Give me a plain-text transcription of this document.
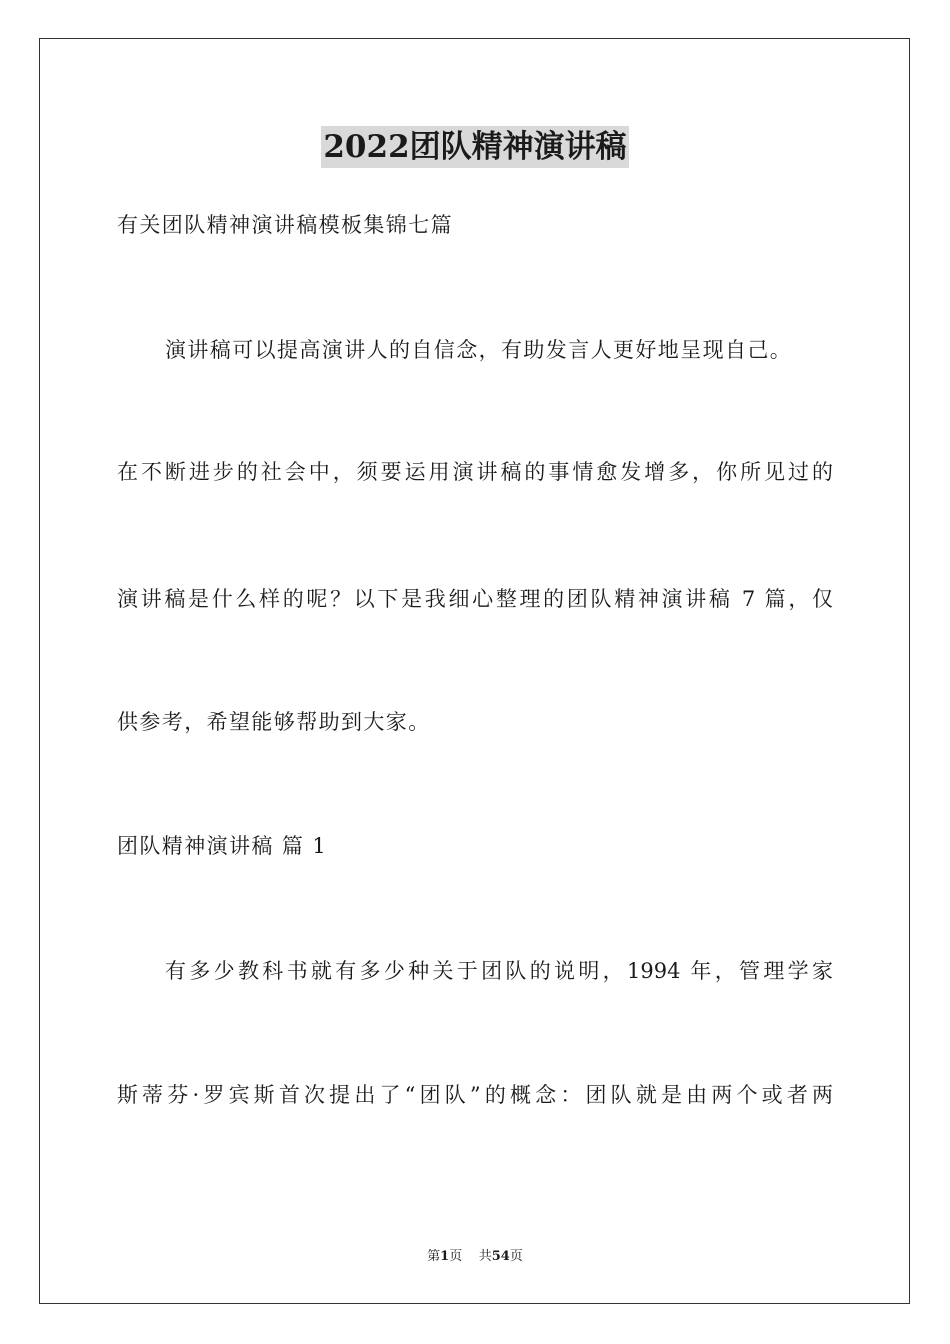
2022团队精神演讲稿
有关团队精神演讲稿模板集锦七篇
演讲稿可以提高演讲人的自信念，有助发言人更好地呈现自己。
在不断进步的社会中，须要运用演讲稿的事情愈发增多，你所见过的
演讲稿是什么样的呢？以下是我细心整理的团队精神演讲稿 7 篇，仅
供参考，希望能够帮助到大家。
团队精神演讲稿 篇 1
有多少教科书就有多少种关于团队的说明，1994 年，管理学家
斯蒂芬·罗宾斯首次提出了“团队”的概念：团队就是由两个或者两
第1页 共54页
